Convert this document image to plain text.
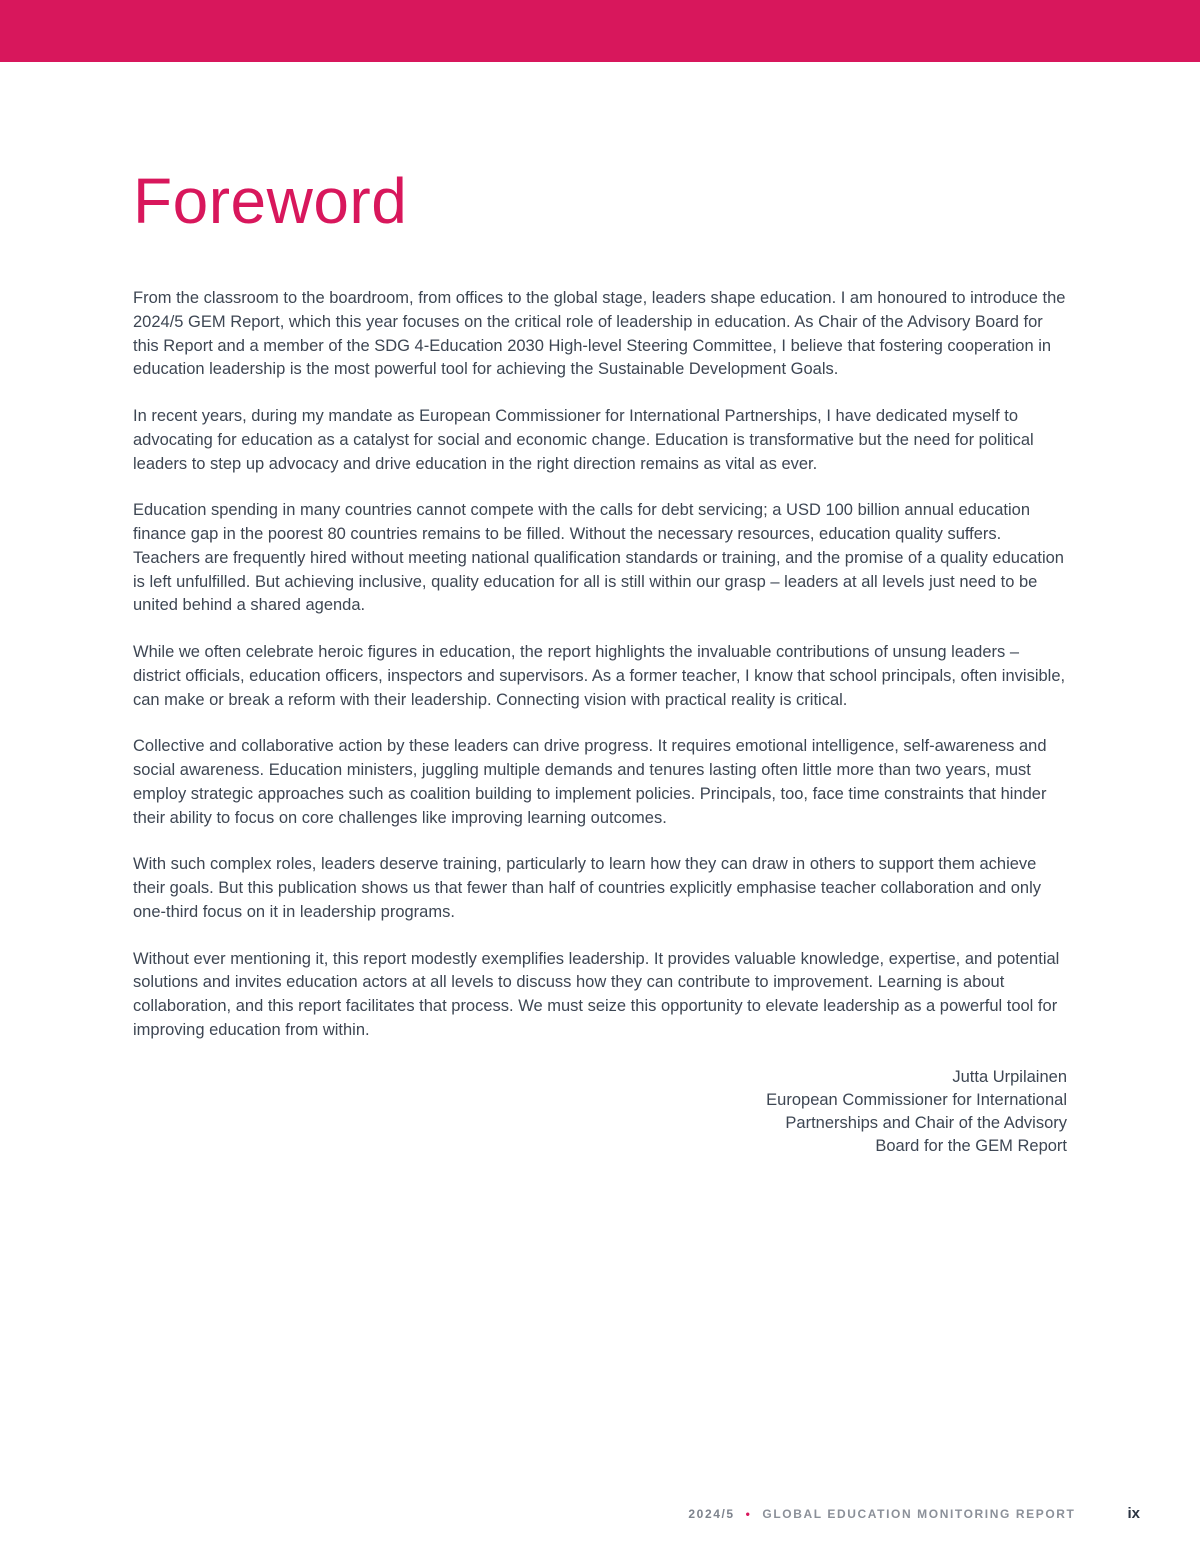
Foreword

From the classroom to the boardroom, from offices to the global stage, leaders shape education. I am honoured to introduce the 2024/5 GEM Report, which this year focuses on the critical role of leadership in education. As Chair of the Advisory Board for this Report and a member of the SDG 4-Education 2030 High-level Steering Committee, I believe that fostering cooperation in education leadership is the most powerful tool for achieving the Sustainable Development Goals.

In recent years, during my mandate as European Commissioner for International Partnerships, I have dedicated myself to advocating for education as a catalyst for social and economic change. Education is transformative but the need for political leaders to step up advocacy and drive education in the right direction remains as vital as ever.

Education spending in many countries cannot compete with the calls for debt servicing; a USD 100 billion annual education finance gap in the poorest 80 countries remains to be filled. Without the necessary resources, education quality suffers. Teachers are frequently hired without meeting national qualification standards or training, and the promise of a quality education is left unfulfilled. But achieving inclusive, quality education for all is still within our grasp – leaders at all levels just need to be united behind a shared agenda.

While we often celebrate heroic figures in education, the report highlights the invaluable contributions of unsung leaders – district officials, education officers, inspectors and supervisors. As a former teacher, I know that school principals, often invisible, can make or break a reform with their leadership. Connecting vision with practical reality is critical.

Collective and collaborative action by these leaders can drive progress. It requires emotional intelligence, self-awareness and social awareness. Education ministers, juggling multiple demands and tenures lasting often little more than two years, must employ strategic approaches such as coalition building to implement policies. Principals, too, face time constraints that hinder their ability to focus on core challenges like improving learning outcomes.

With such complex roles, leaders deserve training, particularly to learn how they can draw in others to support them achieve their goals. But this publication shows us that fewer than half of countries explicitly emphasise teacher collaboration and only one-third focus on it in leadership programs.

Without ever mentioning it, this report modestly exemplifies leadership. It provides valuable knowledge, expertise, and potential solutions and invites education actors at all levels to discuss how they can contribute to improvement. Learning is about collaboration, and this report facilitates that process. We must seize this opportunity to elevate leadership as a powerful tool for improving education from within.

Jutta Urpilainen
European Commissioner for International
Partnerships and Chair of the Advisory
Board for the GEM Report
2024/5 • GLOBAL EDUCATION MONITORING REPORT	ix
